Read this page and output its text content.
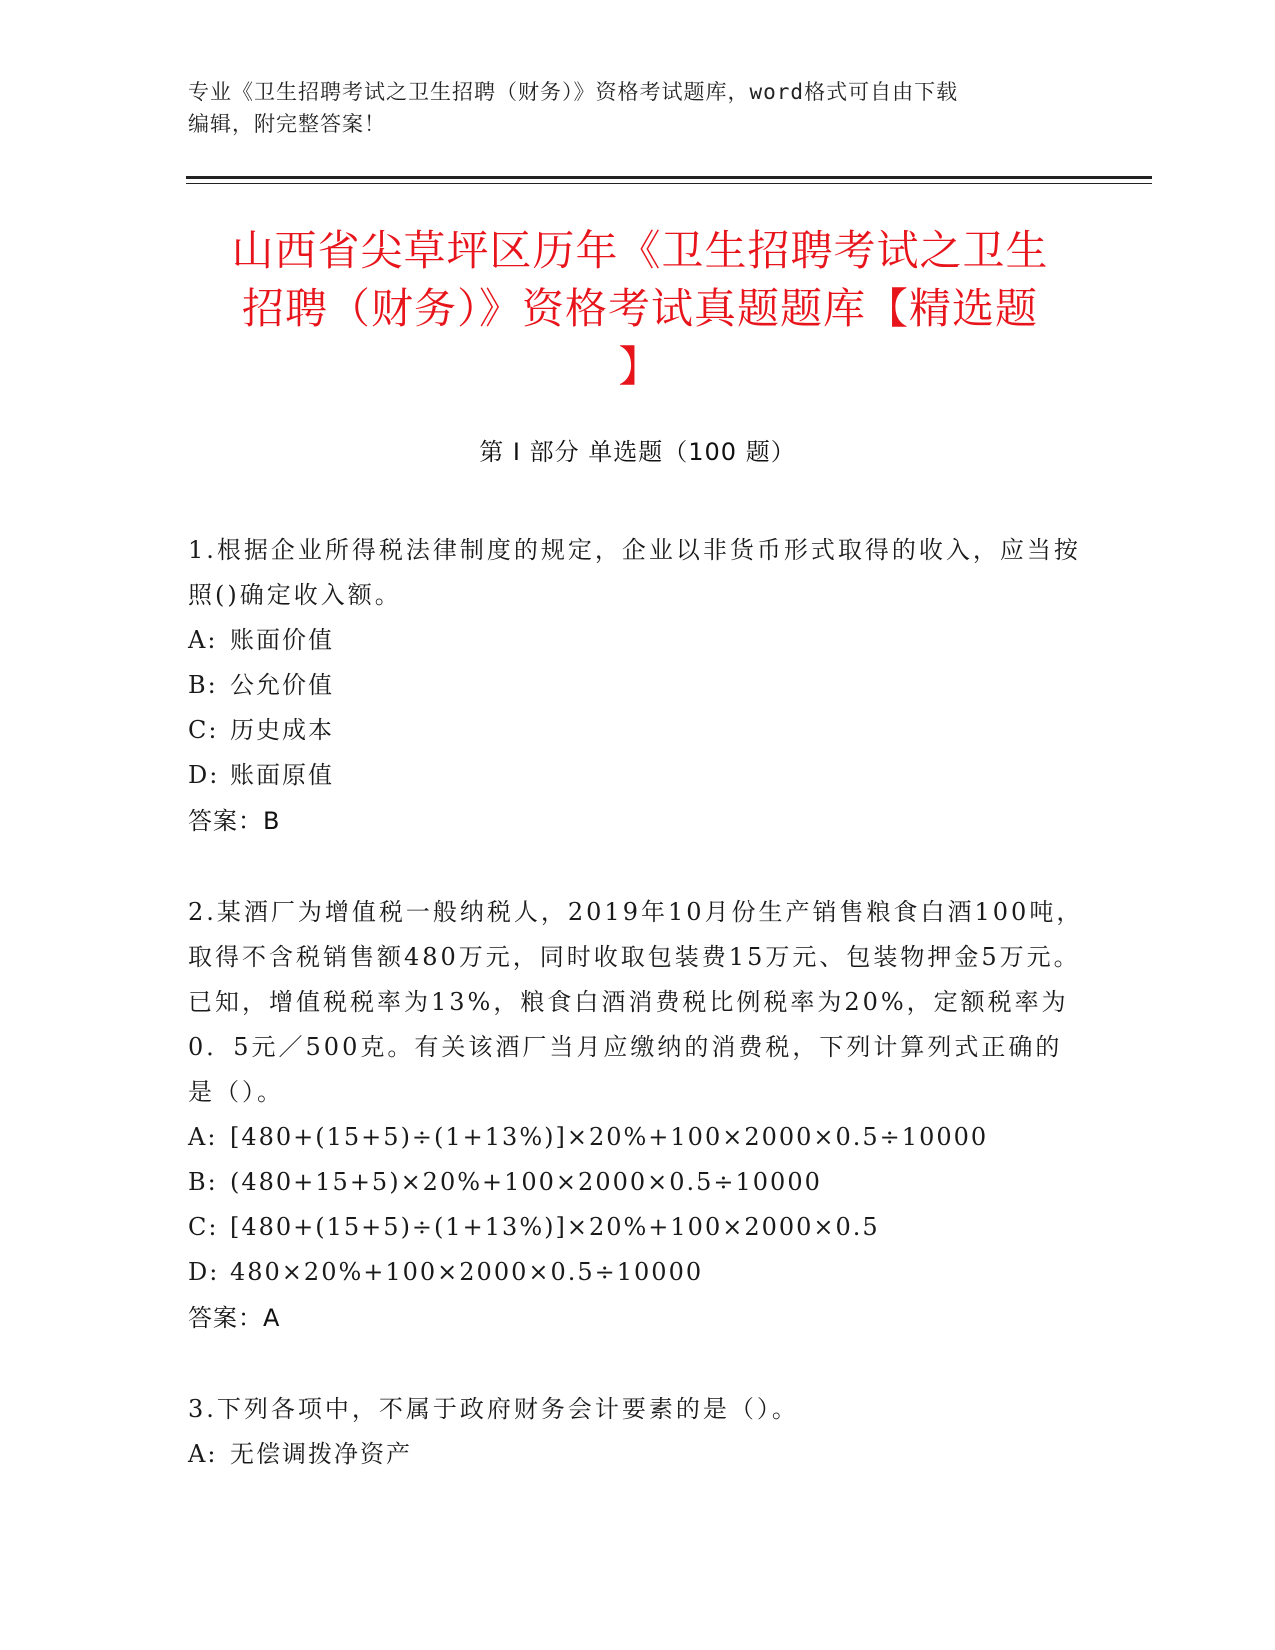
专业《卫生招聘考试之卫生招聘（财务）》资格考试题库，word格式可自由下载
编辑，附完整答案！
山西省尖草坪区历年《卫生招聘考试之卫生
招聘（财务）》资格考试真题题库【精选题
】
第 I 部分 单选题（100 题）
1.根据企业所得税法律制度的规定，企业以非货币形式取得的收入，应当按照()确定收入额。
A: 账面价值
B: 公允价值
C: 历史成本
D: 账面原值
答案：B
2.某酒厂为增值税一般纳税人，2019年10月份生产销售粮食白酒100吨，取得不含税销售额480万元，同时收取包装费15万元、包装物押金5万元。已知，增值税税率为13%，粮食白酒消费税比例税率为20%，定额税率为0．5元／500克。有关该酒厂当月应缴纳的消费税，下列计算列式正确的是（）。
A: [480+(15+5)÷(1+13%)]×20%+100×2000×0.5÷10000
B: (480+15+5)×20%+100×2000×0.5÷10000
C: [480+(15+5)÷(1+13%)]×20%+100×2000×0.5
D: 480×20%+100×2000×0.5÷10000
答案：A
3.下列各项中，不属于政府财务会计要素的是（）。
A: 无偿调拨净资产
